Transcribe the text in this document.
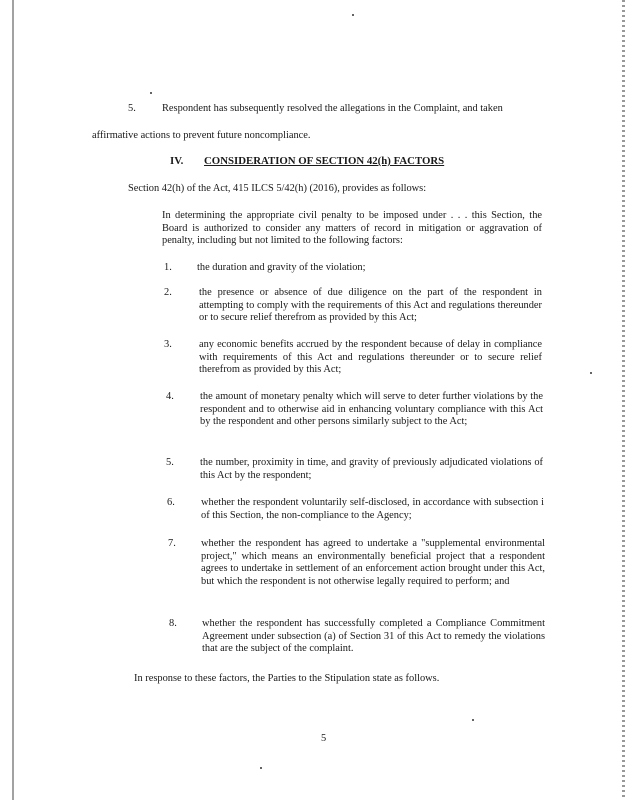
5.	Respondent has subsequently resolved the allegations in the Complaint, and taken
affirmative actions to prevent future noncompliance.
IV. CONSIDERATION OF SECTION 42(h) FACTORS
Section 42(h) of the Act, 415 ILCS 5/42(h) (2016), provides as follows:
In determining the appropriate civil penalty to be imposed under . . . this Section, the Board is authorized to consider any matters of record in mitigation or aggravation of penalty, including but not limited to the following factors:
1.	the duration and gravity of the violation;
2.	the presence or absence of due diligence on the part of the respondent in attempting to comply with the requirements of this Act and regulations thereunder or to secure relief therefrom as provided by this Act;
3.	any economic benefits accrued by the respondent because of delay in compliance with requirements of this Act and regulations thereunder or to secure relief therefrom as provided by this Act;
4.	the amount of monetary penalty which will serve to deter further violations by the respondent and to otherwise aid in enhancing voluntary compliance with this Act by the respondent and other persons similarly subject to the Act;
5.	the number, proximity in time, and gravity of previously adjudicated violations of this Act by the respondent;
6.	whether the respondent voluntarily self-disclosed, in accordance with subsection i of this Section, the non-compliance to the Agency;
7.	whether the respondent has agreed to undertake a "supplemental environmental project," which means an environmentally beneficial project that a respondent agrees to undertake in settlement of an enforcement action brought under this Act, but which the respondent is not otherwise legally required to perform; and
8.	whether the respondent has successfully completed a Compliance Commitment Agreement under subsection (a) of Section 31 of this Act to remedy the violations that are the subject of the complaint.
In response to these factors, the Parties to the Stipulation state as follows.
5
